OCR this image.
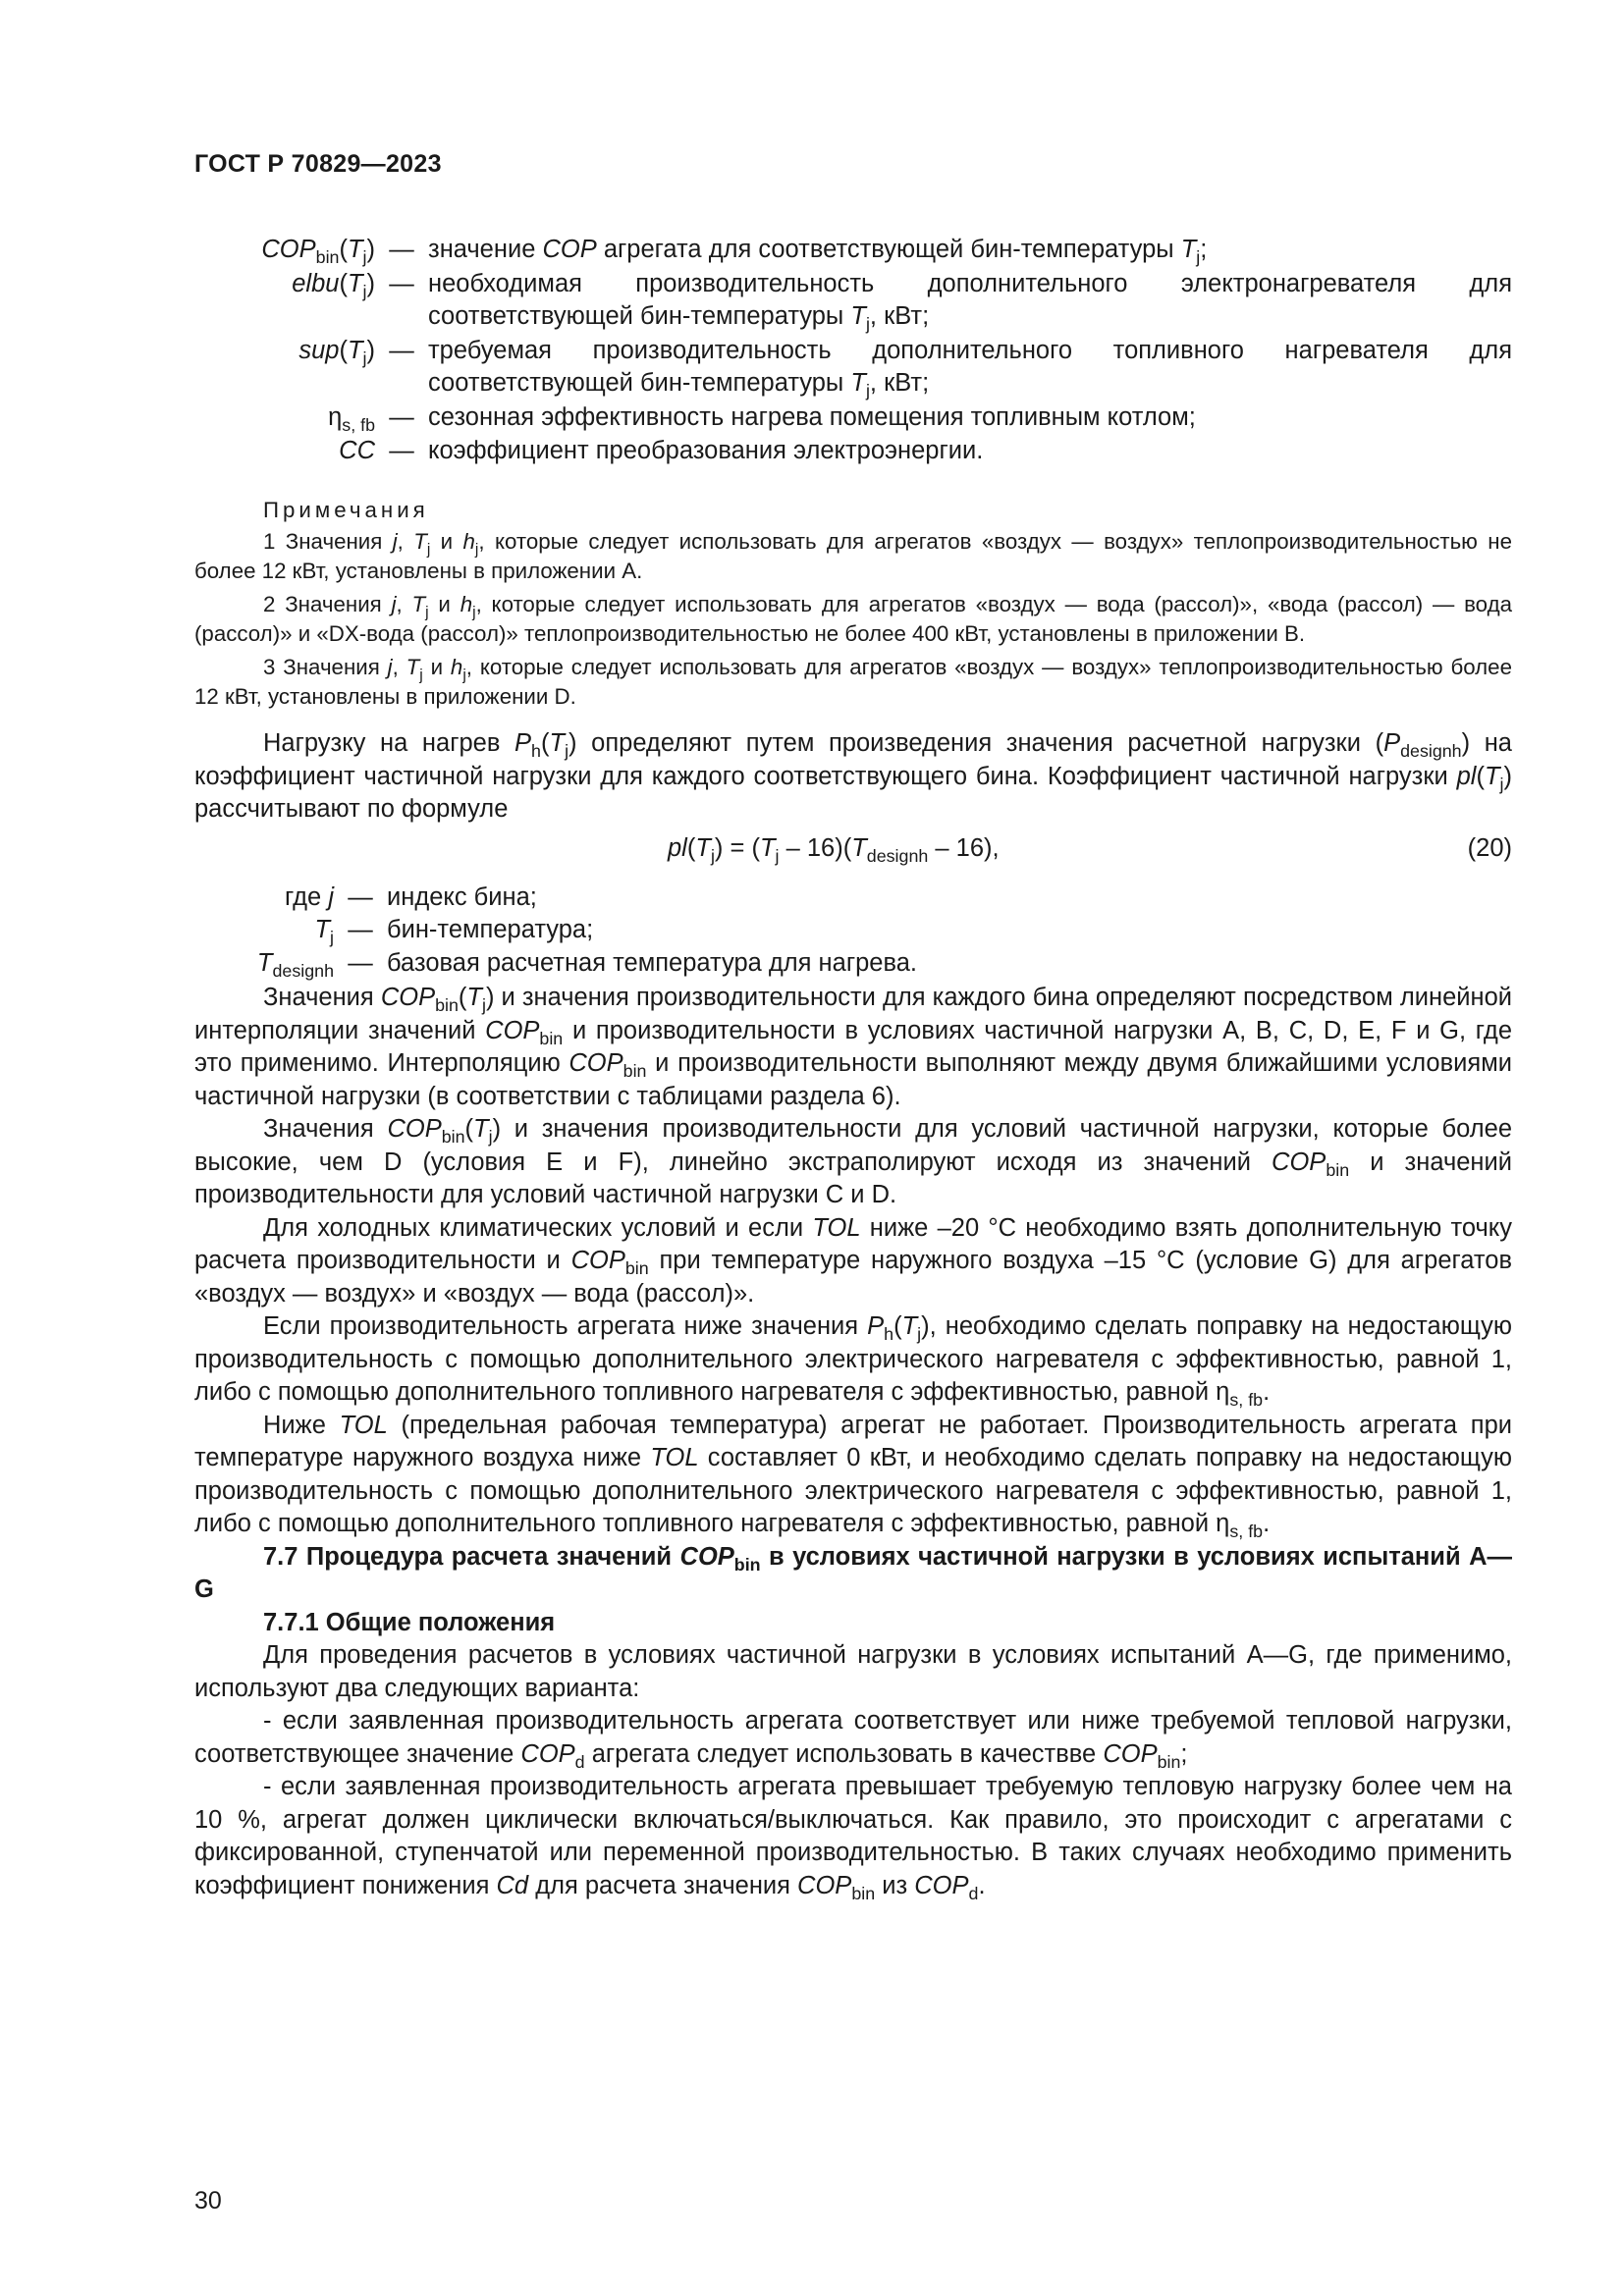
ГОСТ Р 70829—2023
$COP_{bin}(T_j)$ — значение COP агрегата для соответствующей бин-температуры $T_j$;
$elbu(T_j)$ — необходимая производительность дополнительного электронагревателя для соответствующей бин-температуры $T_j$, кВт;
$sup(T_j)$ — требуемая производительность дополнительного топливного нагревателя для соответствующей бин-температуры $T_j$, кВт;
$\eta_{s, fb}$ — сезонная эффективность нагрева помещения топливным котлом;
CC — коэффициент преобразования электроэнергии.
Примечания

1 Значения j, $T_j$ и $h_j$, которые следует использовать для агрегатов «воздух — воздух» теплопроизводительностью не более 12 кВт, установлены в приложении А.

2 Значения j, $T_j$ и $h_j$, которые следует использовать для агрегатов «воздух — вода (рассол)», «вода (рассол) — вода (рассол)» и «DX-вода (рассол)» теплопроизводительностью не более 400 кВт, установлены в приложении В.

3 Значения j, $T_j$ и $h_j$, которые следует использовать для агрегатов «воздух — воздух» теплопроизводительностью более 12 кВт, установлены в приложении D.

Нагрузку на нагрев $P_h(T_j)$ определяют путем произведения значения расчетной нагрузки $(P_{designh})$ на коэффициент частичной нагрузки для каждого соответствующего бина. Коэффициент частичной нагрузки $pl(T_j)$ рассчитывают по формуле

$pl(T_j) = (T_j - 16)(T_{designh} - 16)$,	(20)
где j — индекс бина;
$T_j$ — бин-температура;
$T_{designh}$ — базовая расчетная температура для нагрева.

Значения $COP_{bin}(T_j)$ и значения производительности для каждого бина определяют посредством линейной интерполяции значений $COP_{bin}$ и производительности в условиях частичной нагрузки А, В, С, D, E, F и G, где это применимо. Интерполяцию $COP_{bin}$ и производительности выполняют между двумя ближайшими условиями частичной нагрузки (в соответствии с таблицами раздела 6).

Значения $COP_{bin}(T_j)$ и значения производительности для условий частичной нагрузки, которые более высокие, чем D (условия Е и F), линейно экстраполируют исходя из значений $COP_{bin}$ и значений производительности для условий частичной нагрузки С и D.

Для холодных климатических условий и если TOL ниже –20 °С необходимо взять дополнительную точку расчета производительности и $COP_{bin}$ при температуре наружного воздуха –15 °С (условие G) для агрегатов «воздух — воздух» и «воздух — вода (рассол)».

Если производительность агрегата ниже значения $P_h(T_j)$, необходимо сделать поправку на недостающую производительность с помощью дополнительного электрического нагревателя с эффективностью, равной 1, либо с помощью дополнительного топливного нагревателя с эффективностью, равной $\eta_{s, fb}$.

Ниже TOL (предельная рабочая температура) агрегат не работает. Производительность агрегата при температуре наружного воздуха ниже TOL составляет 0 кВт, и необходимо сделать поправку на недостающую производительность с помощью дополнительного электрического нагревателя с эффективностью, равной 1, либо с помощью дополнительного топливного нагревателя с эффективностью, равной $\eta_{s, fb}$.

7.7 Процедура расчета значений $COP_{bin}$ в условиях частичной нагрузки в условиях испытаний А—G

7.7.1 Общие положения

Для проведения расчетов в условиях частичной нагрузки в условиях испытаний А—G, где применимо, используют два следующих варианта:

- если заявленная производительность агрегата соответствует или ниже требуемой тепловой нагрузки, соответствующее значение $COP_d$ агрегата следует использовать в качествве $COP_{bin}$;

- если заявленная производительность агрегата превышает требуемую тепловую нагрузку более чем на 10 %, агрегат должен циклически включаться/выключаться. Как правило, это происходит с агрегатами с фиксированной, ступенчатой или переменной производительностью. В таких случаях необходимо применить коэффициент понижения Cd для расчета значения $COP_{bin}$ из $COP_d$.

30
